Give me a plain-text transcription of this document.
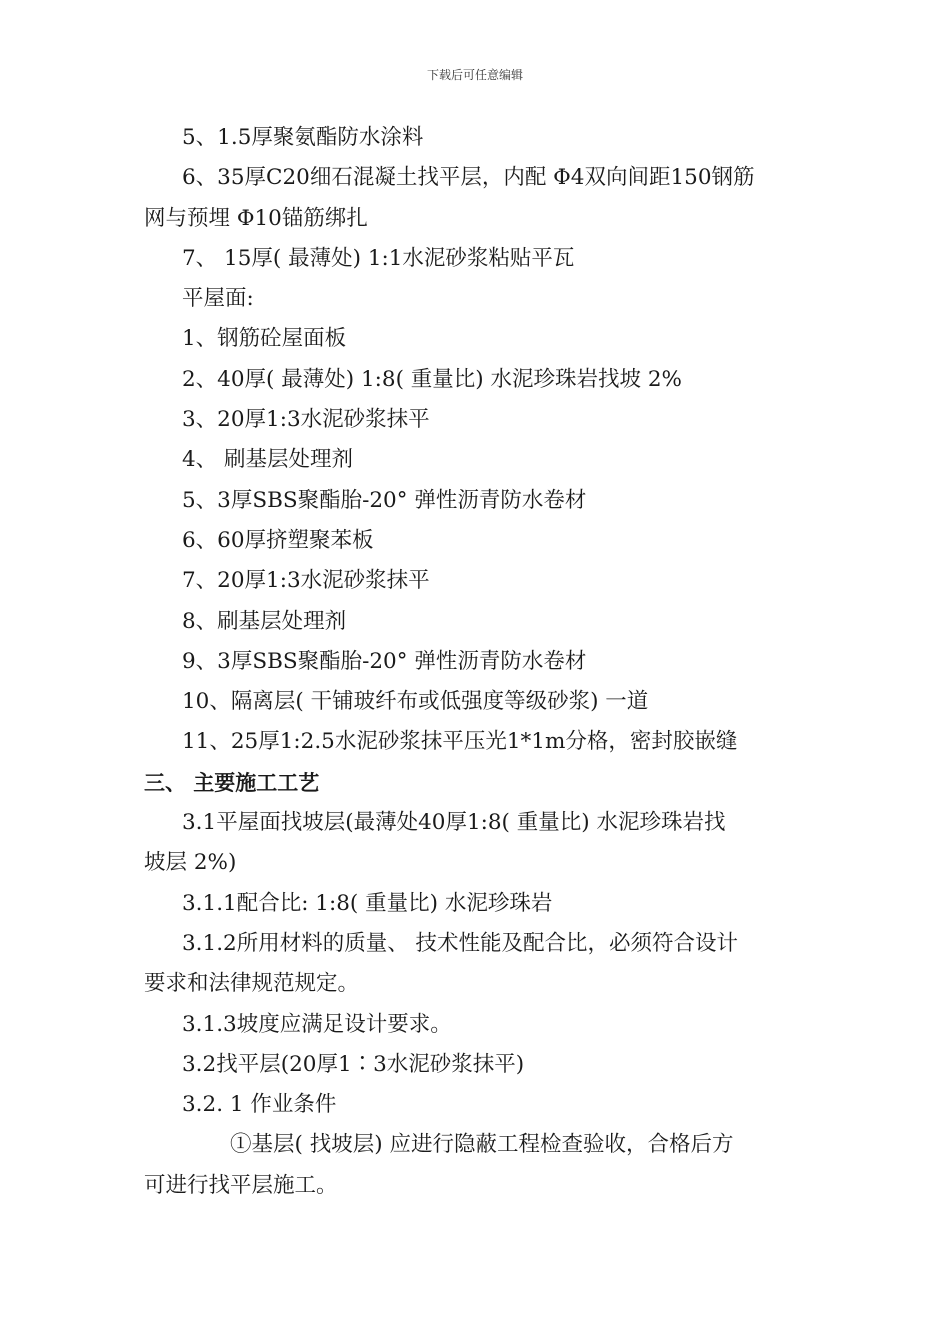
下载后可任意编辑
5、1.5厚聚氨酯防水涂料
6、35厚C20细石混凝土找平层，内配 Φ4双向间距150钢筋
网与预埋 Φ10锚筋绑扎
7、 15厚( 最薄处) 1:1水泥砂浆粘贴平瓦
平屋面:
1、钢筋砼屋面板
2、40厚( 最薄处) 1:8( 重量比) 水泥珍珠岩找坡 2%
3、20厚1:3水泥砂浆抹平
4、 刷基层处理剂
5、3厚SBS聚酯胎-20° 弹性沥青防水卷材
6、60厚挤塑聚苯板
7、20厚1:3水泥砂浆抹平
8、刷基层处理剂
9、3厚SBS聚酯胎-20° 弹性沥青防水卷材
10、隔离层( 干铺玻纤布或低强度等级砂浆) 一道
11、25厚1:2.5水泥砂浆抹平压光1*1m分格，密封胶嵌缝
三、 主要施工工艺
3.1平屋面找坡层(最薄处40厚1:8( 重量比) 水泥珍珠岩找
坡层 2%)
3.1.1配合比: 1:8( 重量比) 水泥珍珠岩
3.1.2所用材料的质量、 技术性能及配合比，必须符合设计
要求和法律规范规定。
3.1.3坡度应满足设计要求。
3.2找平层(20厚1∶3水泥砂浆抹平)
3.2. 1 作业条件
①基层( 找坡层) 应进行隐蔽工程检查验收，合格后方
可进行找平层施工。
